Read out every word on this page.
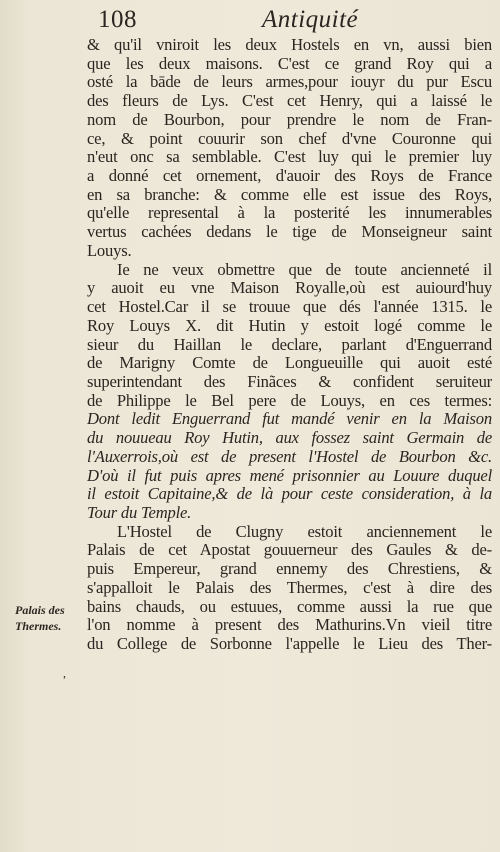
108	Antiquité
Palais des
Thermes.
,
& qu'il vniroit les deux Hostels en vn, aussi bien
que les deux maisons. C'est ce grand Roy qui a
osté la bāde de leurs armes,pour iouyr du pur Escu
des fleurs de Lys. C'est cet Henry, qui a laissé le
nom de Bourbon, pour prendre le nom de Fran-
ce, & point couurir son chef d'vne Couronne qui
n'eut onc sa semblable. C'est luy qui le premier luy
a donné cet ornement, d'auoir des Roys de France
en sa branche: & comme elle est issue des Roys,
qu'elle represental à la posterité les innumerables
vertus cachées dedans le tige de Monseigneur saint
Louys.
Ie ne veux obmettre que de toute ancienneté il
y auoit eu vne Maison Royalle,où est auiourd'huy
cet Hostel.Car il se trouue que dés l'année 1315. le
Roy Louys X. dit Hutin y estoit logé comme le
sieur du Haillan le declare, parlant d'Enguerrand
de Marigny Comte de Longueuille qui auoit esté
superintendant des Finãces & confident seruiteur
de Philippe le Bel pere de Louys, en ces termes:
Dont ledit Enguerrand fut mandé venir en la Maison
du nouueau Roy Hutin, aux fossez saint Germain de
l'Auxerrois,où est de present l'Hostel de Bourbon &c.
D'où il fut puis apres mené prisonnier au Louure duquel
il estoit Capitaine,& de là pour ceste consideration, à la
Tour du Temple.
L'Hostel de Clugny estoit anciennement le
Palais de cet Apostat gouuerneur des Gaules & de-
puis Empereur, grand ennemy des Chrestiens, &
s'appalloit le Palais des Thermes, c'est à dire des
bains chauds, ou estuues, comme aussi la rue que
l'on nomme à present des Mathurins.Vn vieil titre
du College de Sorbonne l'appelle le Lieu des Ther-
